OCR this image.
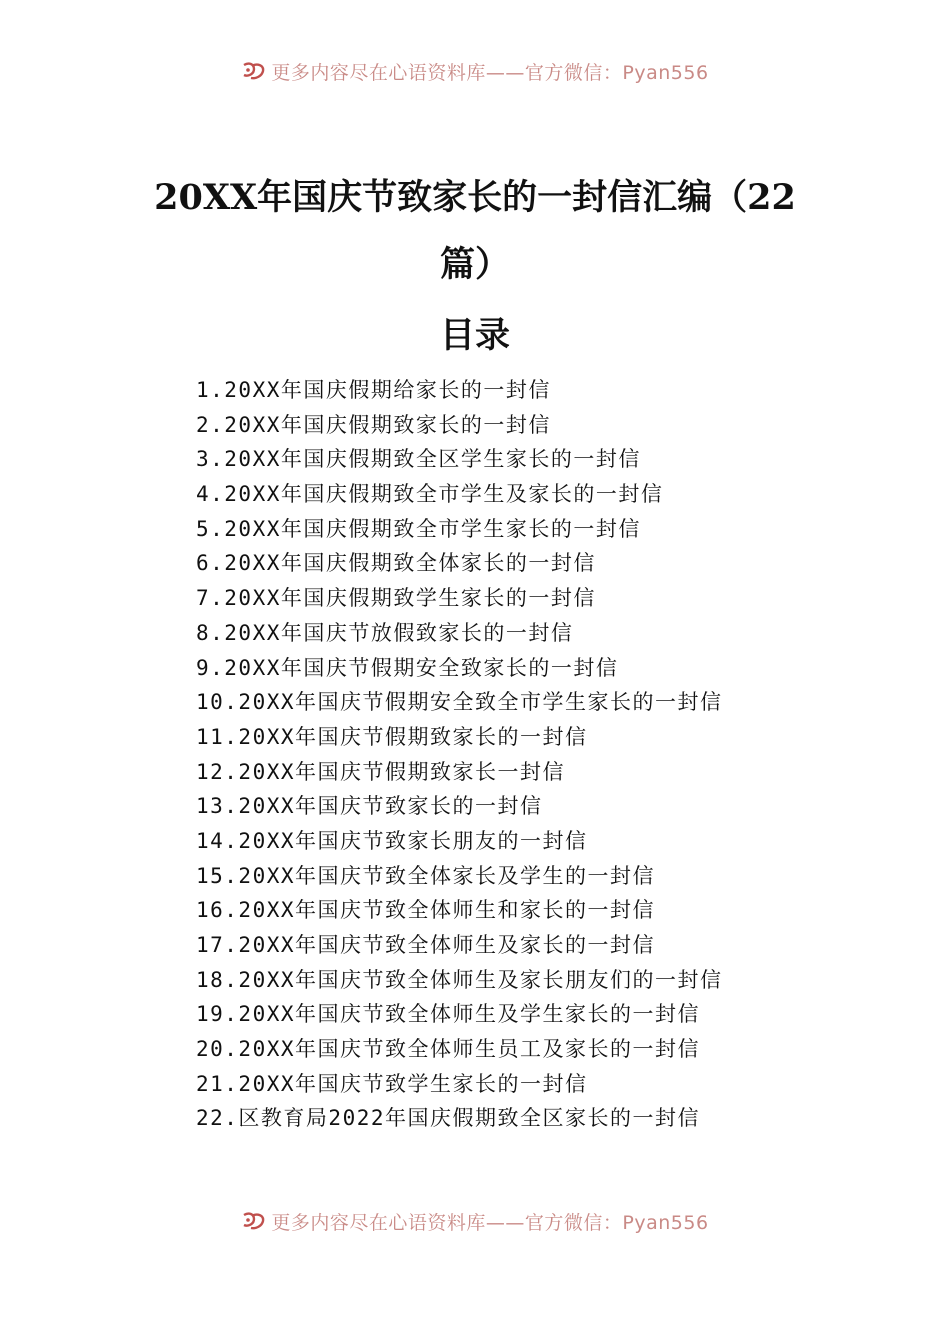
更多内容尽在心语资料库——官方微信：Pyan556
20XX年国庆节致家长的一封信汇编（22
篇）
目录
1.20XX年国庆假期给家长的一封信
2.20XX年国庆假期致家长的一封信
3.20XX年国庆假期致全区学生家长的一封信
4.20XX年国庆假期致全市学生及家长的一封信
5.20XX年国庆假期致全市学生家长的一封信
6.20XX年国庆假期致全体家长的一封信
7.20XX年国庆假期致学生家长的一封信
8.20XX年国庆节放假致家长的一封信
9.20XX年国庆节假期安全致家长的一封信
10.20XX年国庆节假期安全致全市学生家长的一封信
11.20XX年国庆节假期致家长的一封信
12.20XX年国庆节假期致家长一封信
13.20XX年国庆节致家长的一封信
14.20XX年国庆节致家长朋友的一封信
15.20XX年国庆节致全体家长及学生的一封信
16.20XX年国庆节致全体师生和家长的一封信
17.20XX年国庆节致全体师生及家长的一封信
18.20XX年国庆节致全体师生及家长朋友们的一封信
19.20XX年国庆节致全体师生及学生家长的一封信
20.20XX年国庆节致全体师生员工及家长的一封信
21.20XX年国庆节致学生家长的一封信
22.区教育局2022年国庆假期致全区家长的一封信
更多内容尽在心语资料库——官方微信：Pyan556
